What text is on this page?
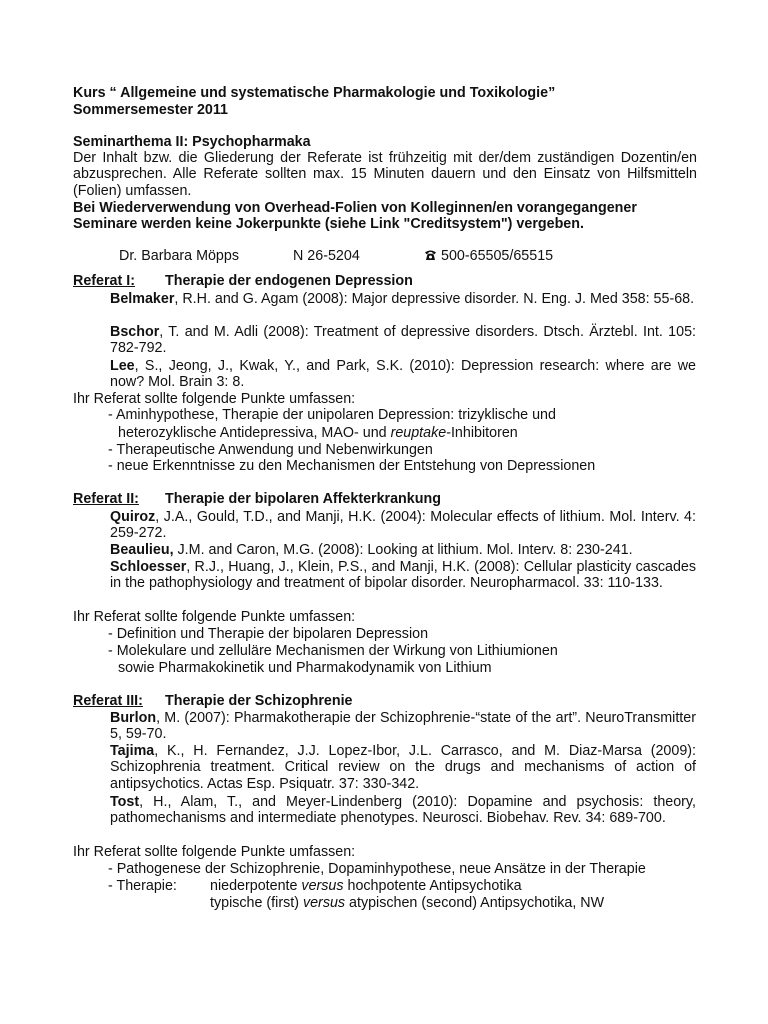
Kurs “ Allgemeine und systematische Pharmakologie und Toxikologie”
Sommersemester 2011
Seminarthema II: Psychopharmaka

Der Inhalt bzw. die Gliederung der Referate ist frühzeitig mit der/dem zuständigen Dozentin/en abzusprechen. Alle Referate sollten max. 15 Minuten dauern und den Einsatz von Hilfsmitteln (Folien) umfassen.

Bei Wiederverwendung von Overhead-Folien von Kolleginnen/en vorangegangener
Seminare werden keine Jokerpunkte (siehe Link "Creditsystem") vergeben.
Dr. Barbara Möpps	N 26-5204	500-65505/65515
Referat I: Therapie der endogenen Depression

Belmaker, R.H. and G. Agam (2008): Major depressive disorder. N. Eng. J. Med 358: 55-68.

Bschor, T. and M. Adli (2008): Treatment of depressive disorders. Dtsch. Ärztebl. Int. 105: 782-792.

Lee, S., Jeong, J., Kwak, Y., and Park, S.K. (2010): Depression research: where are we now? Mol. Brain 3: 8.

Ihr Referat sollte folgende Punkte umfassen:
- Aminhypothese, Therapie der unipolaren Depression: trizyklische und
heterozyklische Antidepressiva, MAO- und reuptake-Inhibitoren
- Therapeutische Anwendung und Nebenwirkungen
- neue Erkenntnisse zu den Mechanismen der Entstehung von Depressionen
Referat II: Therapie der bipolaren Affekterkrankung

Quiroz, J.A., Gould, T.D., and Manji, H.K. (2004): Molecular effects of lithium. Mol. Interv. 4: 259-272.

Beaulieu, J.M. and Caron, M.G. (2008): Looking at lithium. Mol. Interv. 8: 230-241.

Schloesser, R.J., Huang, J., Klein, P.S., and Manji, H.K. (2008): Cellular plasticity cascades in the pathophysiology and treatment of bipolar disorder. Neuropharmacol. 33: 110-133.

Ihr Referat sollte folgende Punkte umfassen:
- Definition und Therapie der bipolaren Depression
- Molekulare und zelluläre Mechanismen der Wirkung von Lithiumionen
sowie Pharmakokinetik und Pharmakodynamik von Lithium
Referat III: Therapie der Schizophrenie

Burlon, M. (2007): Pharmakotherapie der Schizophrenie-“state of the art”. NeuroTransmitter 5, 59-70.

Tajima, K., H. Fernandez, J.J. Lopez-Ibor, J.L. Carrasco, and M. Diaz-Marsa (2009): Schizophrenia treatment. Critical review on the drugs and mechanisms of action of antipsychotics. Actas Esp. Psiquatr. 37: 330-342.

Tost, H., Alam, T., and Meyer-Lindenberg (2010): Dopamine and psychosis: theory, pathomechanisms and intermediate phenotypes. Neurosci. Biobehav. Rev. 34: 689-700.

Ihr Referat sollte folgende Punkte umfassen:
- Pathogenese der Schizophrenie, Dopaminhypothese, neue Ansätze in der Therapie
- Therapie: niederpotente versus hochpotente Antipsychotika
typische (first) versus atypischen (second) Antipsychotika, NW
